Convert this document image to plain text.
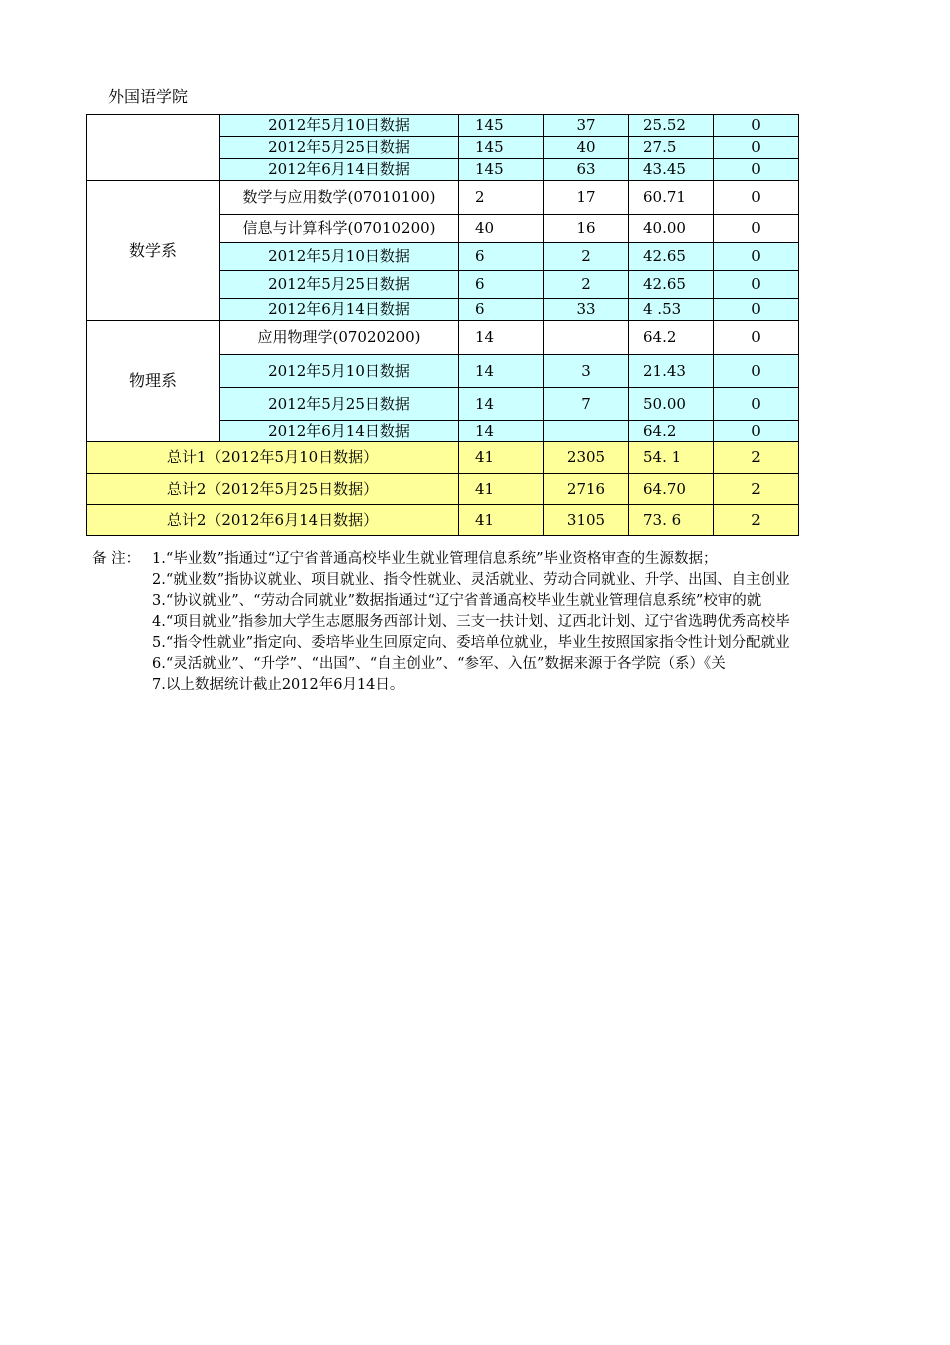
外国语学院
	2012年5月10日数据	145	37	25.52	0
	2012年5月25日数据	145	40	27.5	0
	2012年6月14日数据	145	63	43.45	0
数学系	数学与应用数学(07010100)	2	17	60.71	0
	信息与计算科学(07010200)	40	16	40.00	0
	2012年5月10日数据	6	2	42.65	0
	2012年5月25日数据	6	2	42.65	0
	2012年6月14日数据	6	33	4 .53	0
物理系	应用物理学(07020200)	14		64.2	0
	2012年5月10日数据	14	3	21.43	0
	2012年5月25日数据	14	7	50.00	0
	2012年6月14日数据	14		64.2	0
总计1（2012年5月10日数据）		41	2305	54. 1	2
总计2（2012年5月25日数据）		41	2716	64.70	2
总计2（2012年6月14日数据）		41	3105	73. 6	2
备 注： 1.“毕业数”指通过“辽宁省普通高校毕业生就业管理信息系统”毕业资格审查的生源数据；
2.“就业数”指协议就业、项目就业、指令性就业、灵活就业、劳动合同就业、升学、出国、自主创业
3.“协议就业”、“劳动合同就业”数据指通过“辽宁省普通高校毕业生就业管理信息系统”校审的就
4.“项目就业”指参加大学生志愿服务西部计划、三支一扶计划、辽西北计划、辽宁省选聘优秀高校毕
5.“指令性就业”指定向、委培毕业生回原定向、委培单位就业，毕业生按照国家指令性计划分配就业
6.“灵活就业”、“升学”、“出国”、“自主创业”、“参军、入伍”数据来源于各学院（系）《关
7.以上数据统计截止2012年6月14日。
